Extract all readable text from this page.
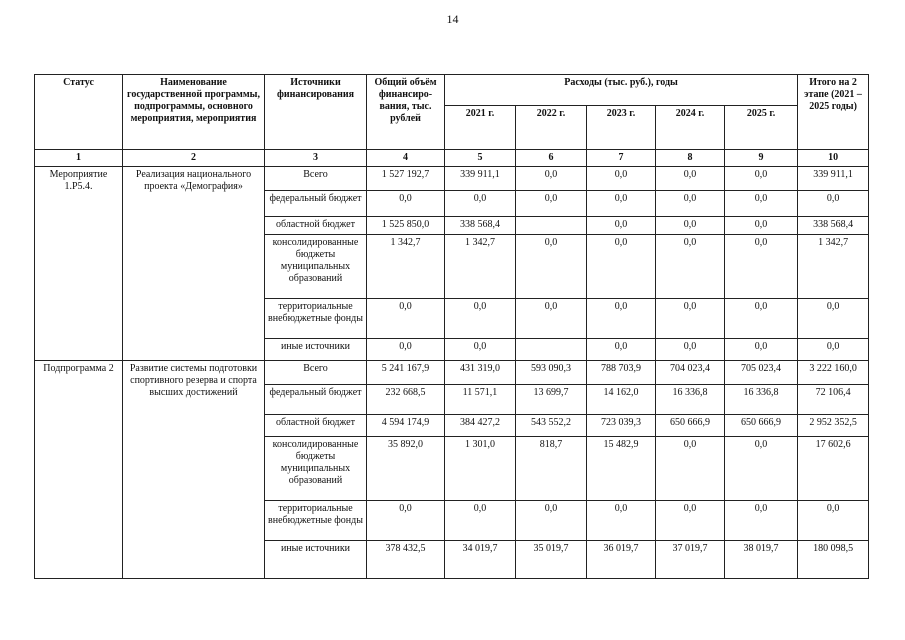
14
Статус	Наименование государственной программы, подпрограммы, основного мероприятия, мероприятия	Источники финансирования	Общий объём финансиро-вания, тыс. рублей	Расходы (тыс. руб.), годы					Итого на 2 этапе (2021 – 2025 годы)
				2021 г.	2022 г.	2023 г.	2024 г.	2025 г.	
1	2	3	4	5	6	7	8	9	10
Мероприятие 1.Р5.4.	Реализация национального проекта «Демография»	Всего	1 527 192,7	339 911,1	0,0	0,0	0,0	0,0	339 911,1
		федеральный бюджет	0,0	0,0	0,0	0,0	0,0	0,0	0,0
		областной бюджет	1 525 850,0	338 568,4		0,0	0,0	0,0	338 568,4
		консолидированные бюджеты муниципальных образований	1 342,7	1 342,7	0,0	0,0	0,0	0,0	1 342,7
		территориальные внебюджетные фонды	0,0	0,0	0,0	0,0	0,0	0,0	0,0
		иные источники	0,0	0,0		0,0	0,0	0,0	0,0
Подпрограмма 2	Развитие системы подготовки спортивного резерва и спорта высших достижений	Всего	5 241 167,9	431 319,0	593 090,3	788 703,9	704 023,4	705 023,4	3 222 160,0
		федеральный бюджет	232 668,5	11 571,1	13 699,7	14 162,0	16 336,8	16 336,8	72 106,4
		областной бюджет	4 594 174,9	384 427,2	543 552,2	723 039,3	650 666,9	650 666,9	2 952 352,5
		консолидированные бюджеты муниципальных образований	35 892,0	1 301,0	818,7	15 482,9	0,0	0,0	17 602,6
		территориальные внебюджетные фонды	0,0	0,0	0,0	0,0	0,0	0,0	0,0
		иные источники	378 432,5	34 019,7	35 019,7	36 019,7	37 019,7	38 019,7	180 098,5
